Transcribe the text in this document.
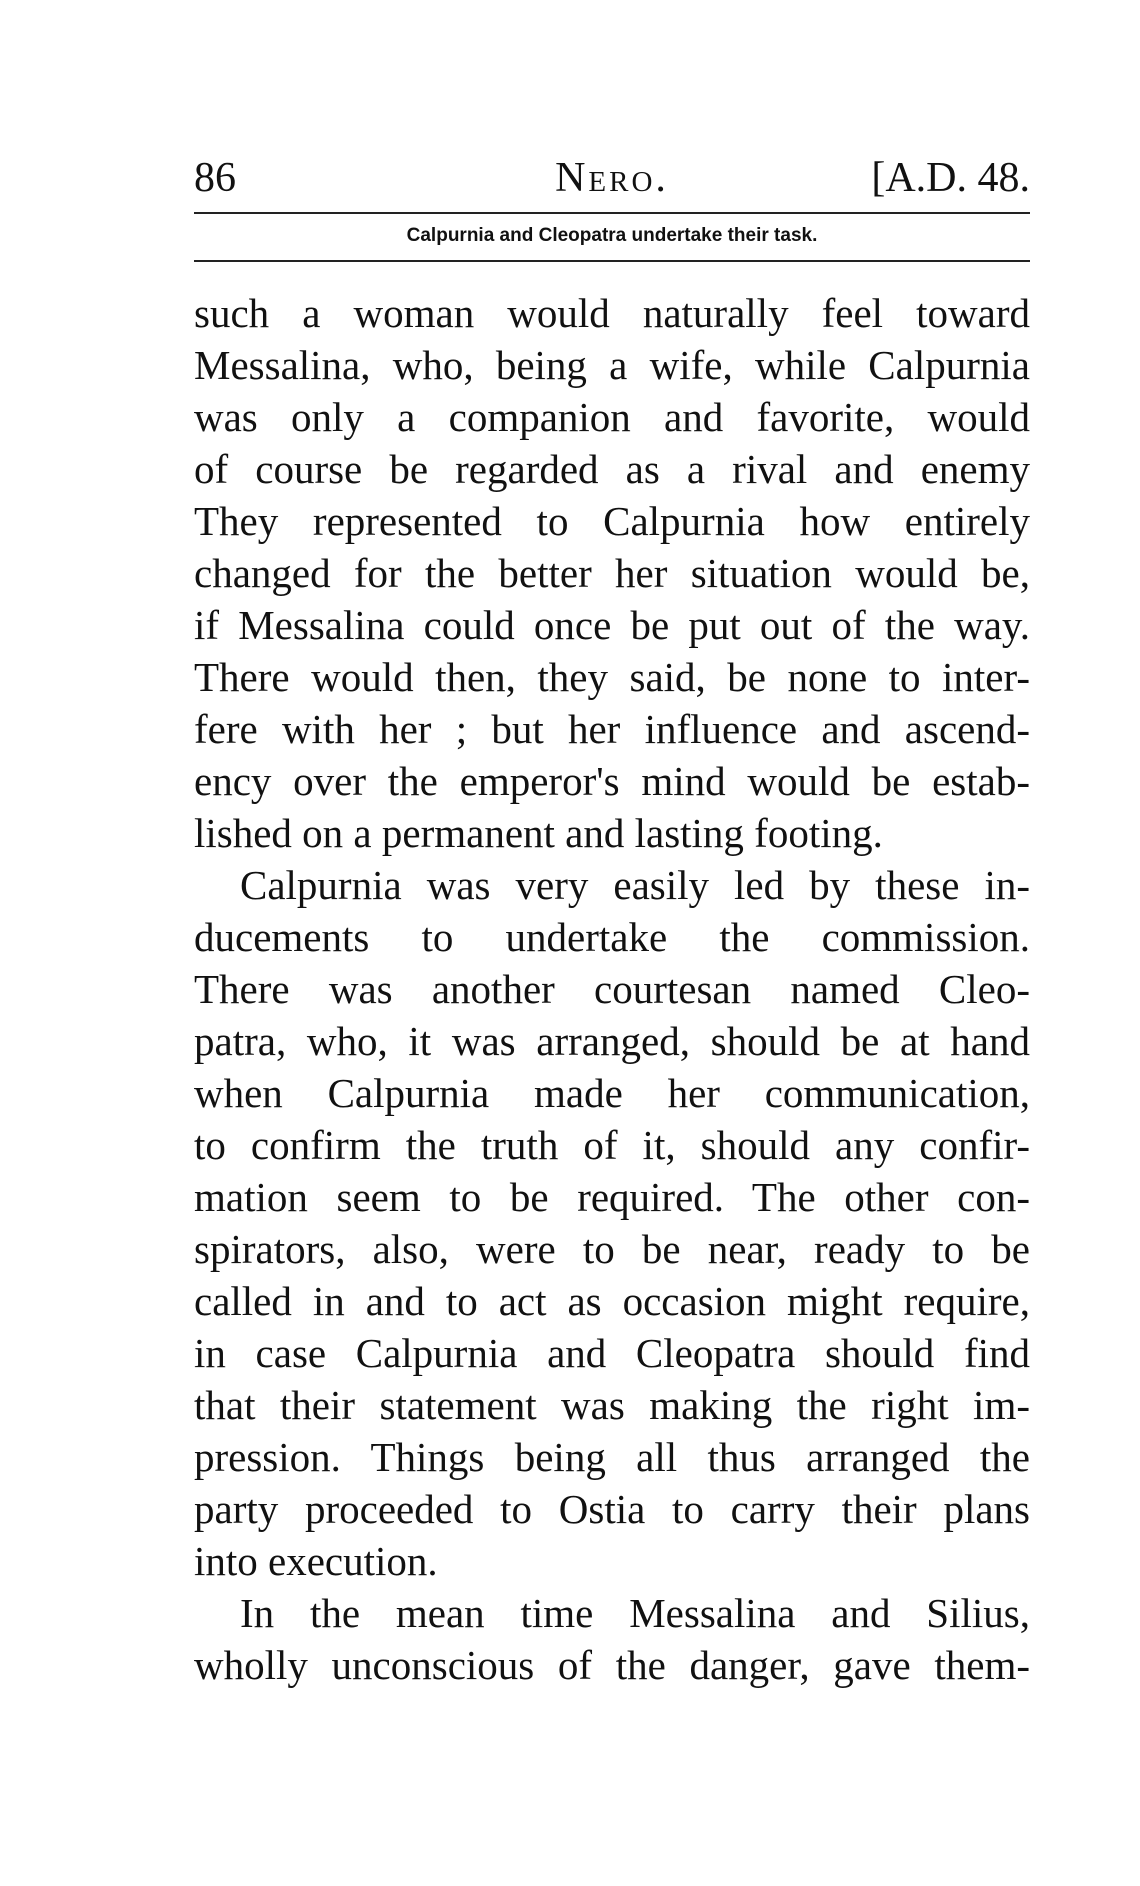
86	Nero.	[A.D. 48.
Calpurnia and Cleopatra undertake their task.
such a woman would naturally feel toward
Messalina, who, being a wife, while Calpurnia
was only a companion and favorite, would
of course be regarded as a rival and enemy
They represented to Calpurnia how entirely
changed for the better her situation would be,
if Messalina could once be put out of the way.
There would then, they said, be none to inter-
fere with her ; but her influence and ascend-
ency over the emperor's mind would be estab-
lished on a permanent and lasting footing.
Calpurnia was very easily led by these in-
ducements to undertake the commission.
There was another courtesan named Cleo-
patra, who, it was arranged, should be at hand
when Calpurnia made her communication,
to confirm the truth of it, should any confir-
mation seem to be required. The other con-
spirators, also, were to be near, ready to be
called in and to act as occasion might require,
in case Calpurnia and Cleopatra should find
that their statement was making the right im-
pression. Things being all thus arranged the
party proceeded to Ostia to carry their plans
into execution.
In the mean time Messalina and Silius,
wholly unconscious of the danger, gave them-
